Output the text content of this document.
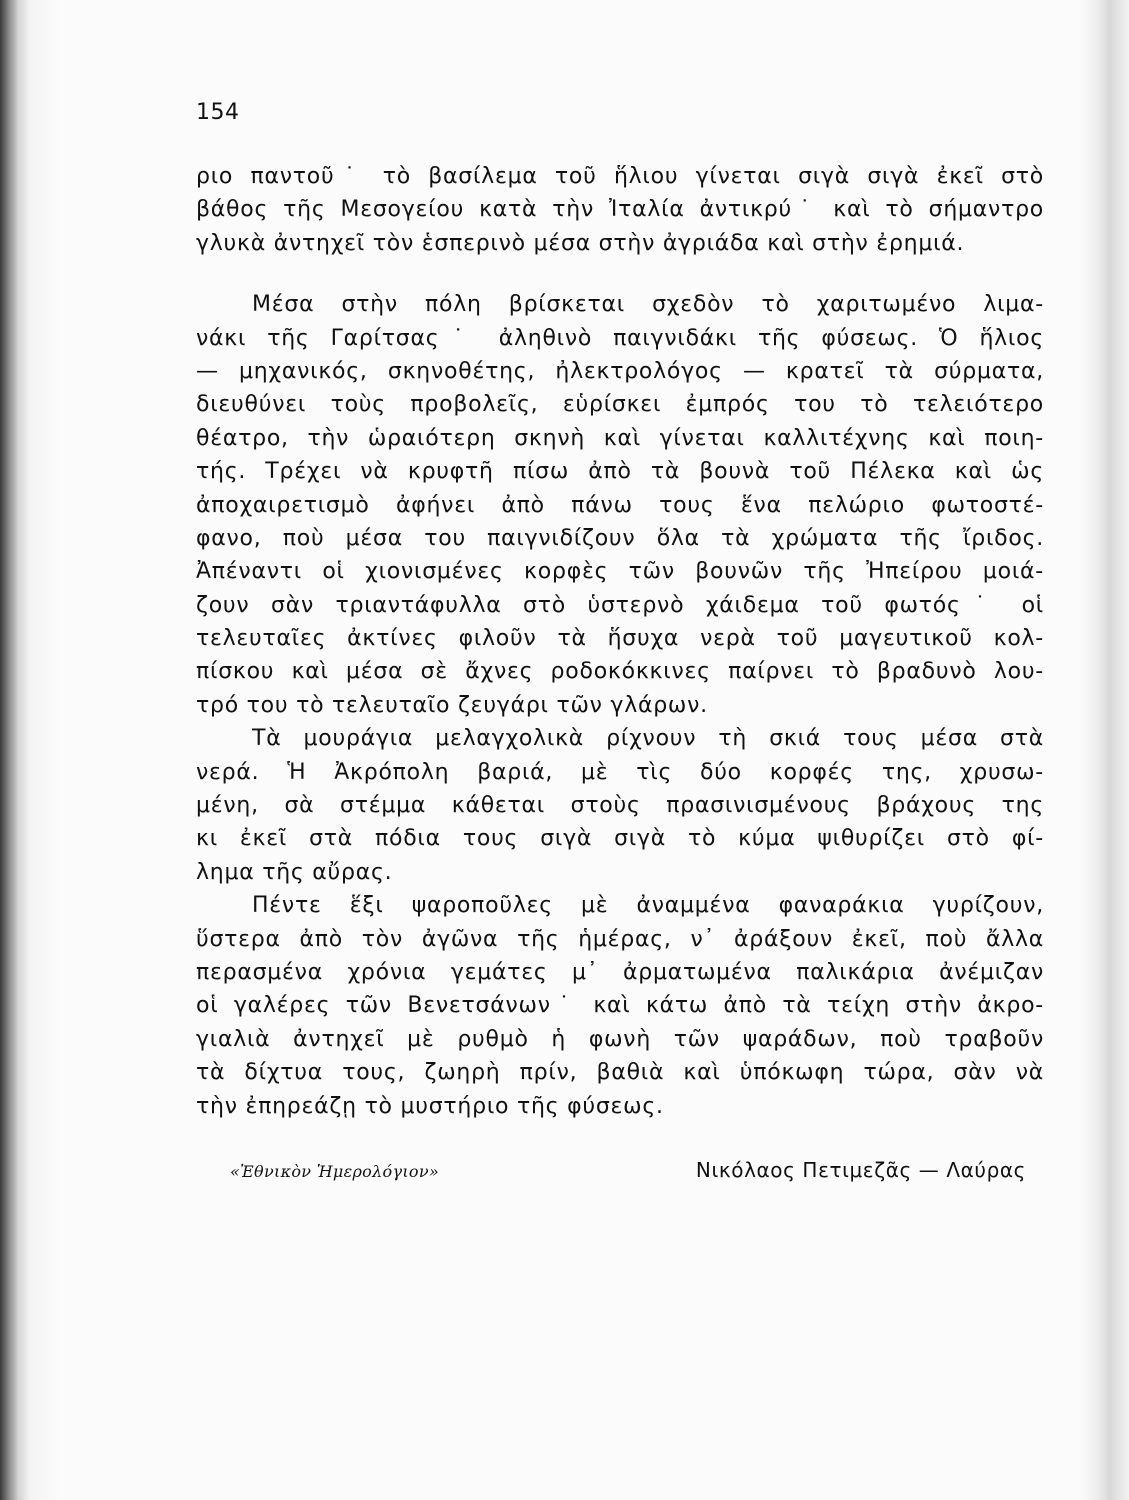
154

ριο παντοῦ˙ τὸ βασίλεμα τοῦ ἥλιου γίνεται σιγὰ σιγὰ ἐκεῖ στὸ
βάθος τῆς Μεσογείου κατὰ τὴν Ἰταλία ἀντικρύ˙ καὶ τὸ σήμαντρο
γλυκὰ ἀντηχεῖ τὸν ἑσπερινὸ μέσα στὴν ἀγριάδα καὶ στὴν ἐρημιά.
Μέσα στὴν πόλη βρίσκεται σχεδὸν τὸ χαριτωμένο λιμα-
νάκι τῆς Γαρίτσας˙ ἀληθινὸ παιγνιδάκι τῆς φύσεως. Ὁ ἥλιος
— μηχανικός, σκηνοθέτης, ἠλεκτρολόγος — κρατεῖ τὰ σύρματα,
διευθύνει τοὺς προβολεῖς, εὑρίσκει ἐμπρός του τὸ τελειότερο
θέατρο, τὴν ὡραιότερη σκηνὴ καὶ γίνεται καλλιτέχνης καὶ ποιη-
τής. Τρέχει νὰ κρυφτῆ πίσω ἀπὸ τὰ βουνὰ τοῦ Πέλεκα καὶ ὡς
ἀποχαιρετισμὸ ἀφήνει ἀπὸ πάνω τους ἕνα πελώριο φωτοστέ-
φανο, ποὺ μέσα του παιγνιδίζουν ὅλα τὰ χρώματα τῆς ἴριδος.
Ἀπέναντι οἱ χιονισμένες κορφὲς τῶν βουνῶν τῆς Ἠπείρου μοιά-
ζουν σὰν τριαντάφυλλα στὸ ὑστερνὸ χάιδεμα τοῦ φωτός˙ οἱ
τελευταῖες ἀκτίνες φιλοῦν τὰ ἥσυχα νερὰ τοῦ μαγευτικοῦ κολ-
πίσκου καὶ μέσα σὲ ἄχνες ροδοκόκκινες παίρνει τὸ βραδυνὸ λου-
τρό του τὸ τελευταῖο ζευγάρι τῶν γλάρων.
Τὰ μουράγια μελαγχολικὰ ρίχνουν τὴ σκιά τους μέσα στὰ
νερά. Ἡ Ἀκρόπολη βαριά, μὲ τὶς δύο κορφές της, χρυσω-
μένη, σὰ στέμμα κάθεται στοὺς πρασινισμένους βράχους της
κι ἐκεῖ στὰ πόδια τους σιγὰ σιγὰ τὸ κύμα ψιθυρίζει στὸ φί-
λημα τῆς αὔρας.
Πέντε ἕξι ψαροποῦλες μὲ ἀναμμένα φαναράκια γυρίζουν,
ὕστερα ἀπὸ τὸν ἀγῶνα τῆς ἡμέρας, ν᾽ ἀράξουν ἐκεῖ, ποὺ ἄλλα
περασμένα χρόνια γεμάτες μ᾽ ἀρματωμένα παλικάρια ἀνέμιζαν
οἱ γαλέρες τῶν Βενετσάνων˙ καὶ κάτω ἀπὸ τὰ τείχη στὴν ἀκρο-
γιαλιὰ ἀντηχεῖ μὲ ρυθμὸ ἡ φωνὴ τῶν ψαράδων, ποὺ τραβοῦν
τὰ δίχτυα τους, ζωηρὴ πρίν, βαθιὰ καὶ ὑπόκωφη τώρα, σὰν νὰ
τὴν ἐπηρεάζῃ τὸ μυστήριο τῆς φύσεως.
«Ἐθνικὸν Ἡμερολόγιον»	Νικόλαος Πετιμεζᾶς — Λαύρας
